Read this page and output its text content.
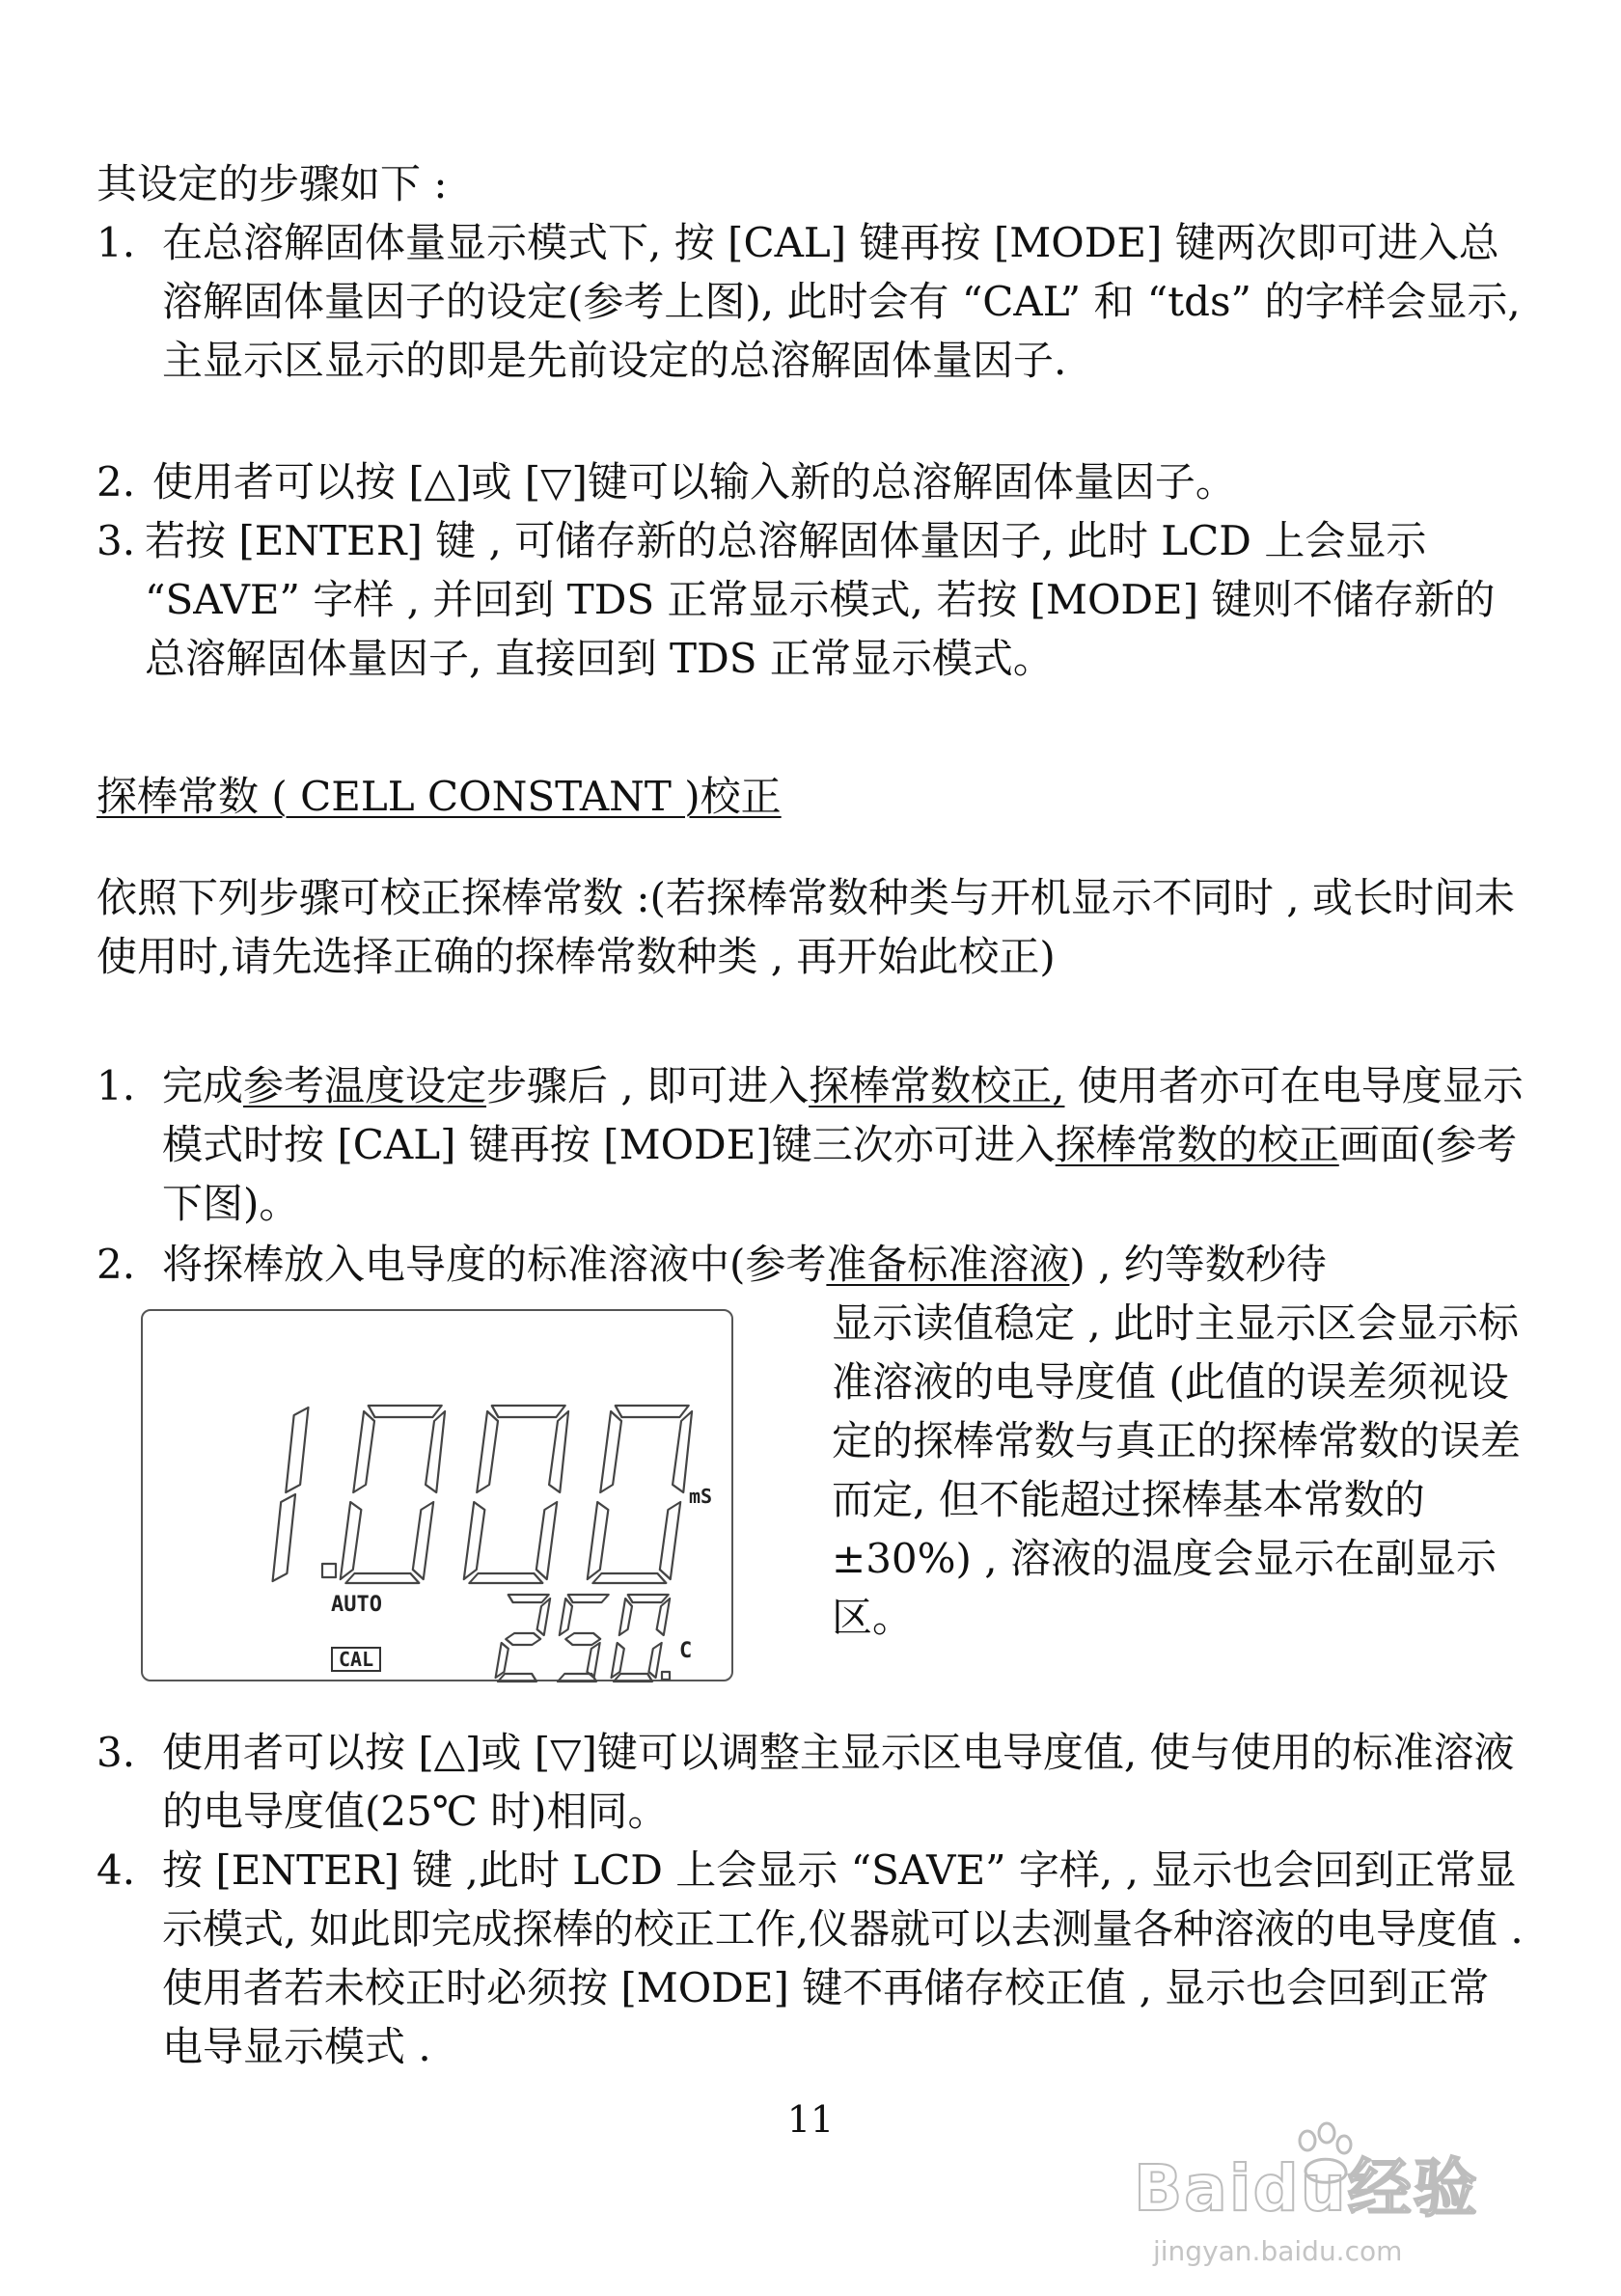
其设定的步骤如下 :
1. 在总溶解固体量显示模式下, 按 [CAL] 键再按 [MODE] 键两次即可进入总溶解固体量因子的设定(参考上图), 此时会有 “CAL” 和 “tds” 的字样会显示, 主显示区显示的即是先前设定的总溶解固体量因子.
2. 使用者可以按 [△]或 [▽]键可以输入新的总溶解固体量因子。
3. 若按 [ENTER] 键 , 可储存新的总溶解固体量因子, 此时 LCD 上会显示 “SAVE” 字样 , 并回到 TDS 正常显示模式, 若按 [MODE] 键则不储存新的总溶解固体量因子, 直接回到 TDS 正常显示模式。
探棒常数 ( CELL CONSTANT )校正
依照下列步骤可校正探棒常数 :(若探棒常数种类与开机显示不同时 , 或长时间未使用时,请先选择正确的探棒常数种类 , 再开始此校正)
1. 完成参考温度设定步骤后 , 即可进入探棒常数校正, 使用者亦可在电导度显示模式时按 [CAL] 键再按 [MODE]键三次亦可进入探棒常数的校正画面(参考下图)。
2. 将探棒放入电导度的标准溶液中(参考准备标准溶液) , 约等数秒待
mS
AUTO
CAL	C
显示读值稳定 , 此时主显示区会显示标准溶液的电导度值 (此值的误差须视设定的探棒常数与真正的探棒常数的误差而定, 但不能超过探棒基本常数的 ±30%) , 溶液的温度会显示在副显示区。
3. 使用者可以按 [△]或 [▽]键可以调整主显示区电导度值, 使与使用的标准溶液的电导度值(25℃ 时)相同。
4. 按 [ENTER] 键 ,此时 LCD 上会显示 “SAVE” 字样, , 显示也会回到正常显示模式, 如此即完成探棒的校正工作,仪器就可以去测量各种溶液的电导度值 . 使用者若未校正时必须按 [MODE] 键不再储存校正值 , 显示也会回到正常电导显示模式 .
11
Baidu经验
jingyan.baidu.com
